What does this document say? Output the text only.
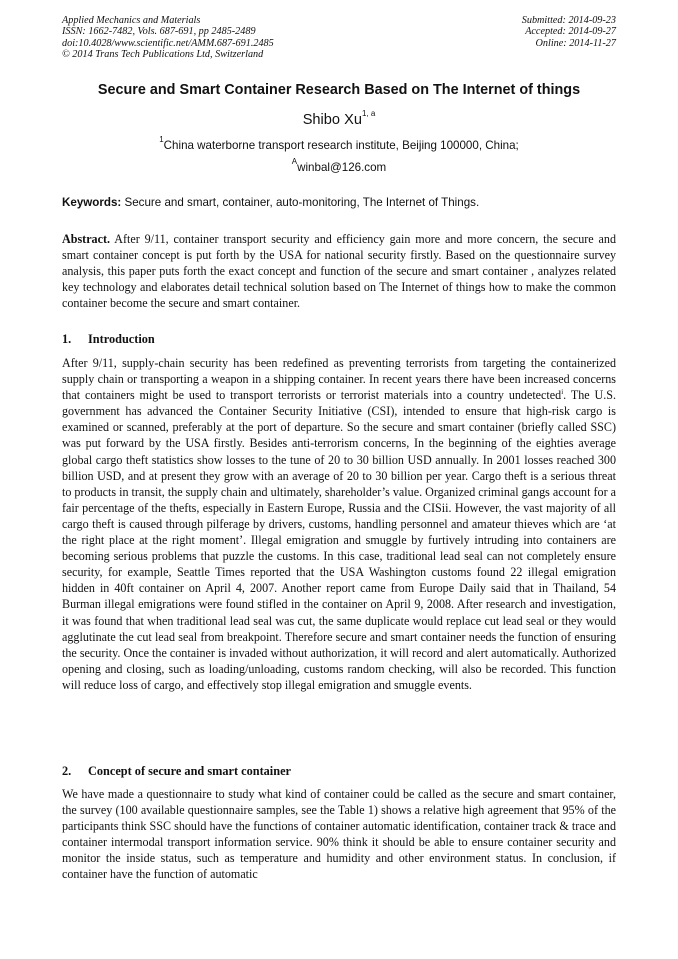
Applied Mechanics and Materials
ISSN: 1662-7482, Vols. 687-691, pp 2485-2489
doi:10.4028/www.scientific.net/AMM.687-691.2485
© 2014 Trans Tech Publications Ltd, Switzerland
Submitted: 2014-09-23
Accepted: 2014-09-27
Online: 2014-11-27
Secure and Smart Container Research Based on The Internet of things
Shibo Xu$^{1, a}$
$^1$China waterborne transport research institute, Beijing 100000, China;
$^A$winbal@126.com
Keywords: Secure and smart, container, auto-monitoring, The Internet of Things.
Abstract. After 9/11, container transport security and efficiency gain more and more concern, the secure and smart container concept is put forth by the USA for national security firstly. Based on the questionnaire survey analysis, this paper puts forth the exact concept and function of the secure and smart container , analyzes related key technology and elaborates detail technical solution based on The Internet of things how to make the common container become the secure and smart container.
1. Introduction
After 9/11, supply-chain security has been redefined as preventing terrorists from targeting the containerized supply chain or transporting a weapon in a shipping container. In recent years there have been increased concerns that containers might be used to transport terrorists or terrorist materials into a country undetected$^i$. The U.S. government has advanced the Container Security Initiative (CSI), intended to ensure that high-risk cargo is examined or scanned, preferably at the port of departure. So the secure and smart container (briefly called SSC) was put forward by the USA firstly. Besides anti-terrorism concerns, In the beginning of the eighties average global cargo theft statistics show losses to the tune of 20 to 30 billion USD annually. In 2001 losses reached 300 billion USD, and at present they grow with an average of 20 to 30 billion per year. Cargo theft is a serious threat to products in transit, the supply chain and ultimately, shareholder’s value. Organized criminal gangs account for a fair percentage of the thefts, especially in Eastern Europe, Russia and the CISii. However, the vast majority of all cargo theft is caused through pilferage by drivers, customs, handling personnel and amateur thieves which are ‘at the right place at the right moment’. Illegal emigration and smuggle by furtively intruding into containers are becoming serious problems that puzzle the customs. In this case, traditional lead seal can not completely ensure security, for example, Seattle Times reported that the USA Washington customs found 22 illegal emigration hidden in 40ft container on April 4, 2007. Another report came from Europe Daily said that in Thailand, 54 Burman illegal emigrations were found stifled in the container on April 9, 2008. After research and investigation, it was found that when traditional lead seal was cut, the same duplicate would replace cut lead seal or they would agglutinate the cut lead seal from breakpoint. Therefore secure and smart container needs the function of ensuring the security. Once the container is invaded without authorization, it will record and alert automatically. Authorized opening and closing, such as loading/unloading, customs random checking, will also be recorded. This function will reduce loss of cargo, and effectively stop illegal emigration and smuggle events.
2. Concept of secure and smart container
We have made a questionnaire to study what kind of container could be called as the secure and smart container, the survey (100 available questionnaire samples, see the Table 1) shows a relative high agreement that 95% of the participants think SSC should have the functions of container automatic identification, container track & trace and container intermodal transport information service. 90% think it should be able to ensure container security and monitor the inside status, such as temperature and humidity and other environment status. In conclusion, if container have the function of automatic
